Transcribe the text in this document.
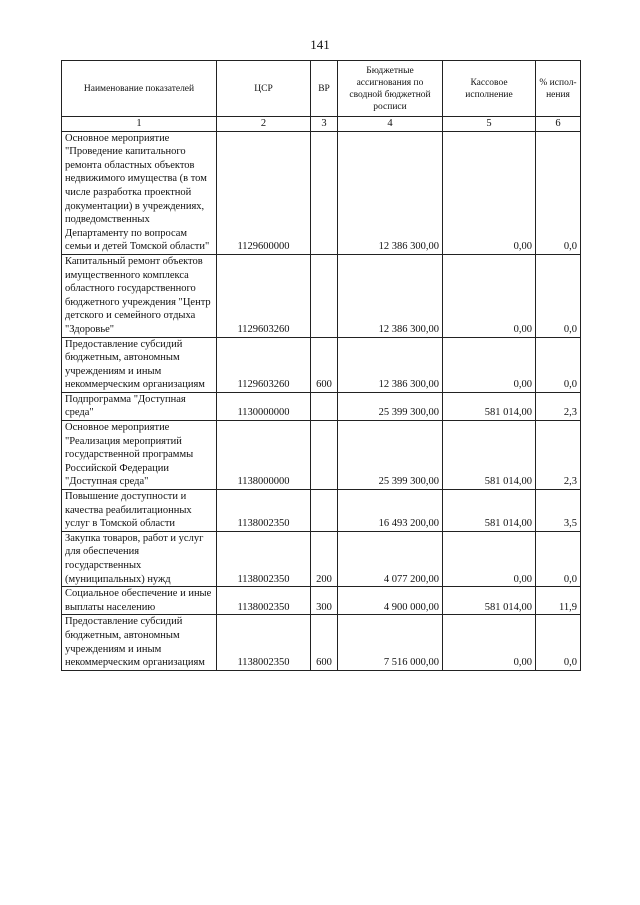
141
Наименование показателей	ЦСР	ВР	Бюджетные ассигнования по сводной бюджетной росписи	Кассовое исполнение	% испол- нения
1	2	3	4	5	6
Основное мероприятие "Проведение капитального ремонта областных объектов недвижимого имущества (в том числе разработка проектной документации) в учреждениях, подведомственных Департаменту по вопросам семьи и детей Томской области"	1129600000		12 386 300,00	0,00	0,0
Капитальный ремонт объектов имущественного комплекса областного государственного бюджетного учреждения "Центр детского и семейного отдыха "Здоровье"	1129603260		12 386 300,00	0,00	0,0
Предоставление субсидий бюджетным, автономным учреждениям и иным некоммерческим организациям	1129603260	600	12 386 300,00	0,00	0,0
Подпрограмма "Доступная среда"	1130000000		25 399 300,00	581 014,00	2,3
Основное мероприятие "Реализация мероприятий государственной программы Российской Федерации "Доступная среда"	1138000000		25 399 300,00	581 014,00	2,3
Повышение доступности и качества реабилитационных услуг в Томской области	1138002350		16 493 200,00	581 014,00	3,5
Закупка товаров, работ и услуг для обеспечения государственных (муниципальных) нужд	1138002350	200	4 077 200,00	0,00	0,0
Социальное обеспечение и иные выплаты населению	1138002350	300	4 900 000,00	581 014,00	11,9
Предоставление субсидий бюджетным, автономным учреждениям и иным некоммерческим организациям	1138002350	600	7 516 000,00	0,00	0,0
